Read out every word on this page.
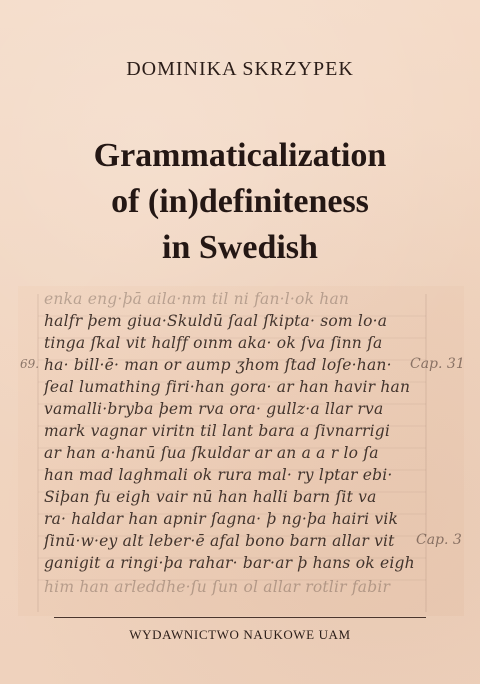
DOMINIKA SKRZYPEK
Grammaticalization
of (in)definiteness
in Swedish
enka eng·þā aila·nm til ni fan·l·ok han
halfr þem giua·Skuldū ſaal ſkipta· som lo·a
tinga ſkal vit halff oınm aka· ok ſva ſinn ſa
ha· bill·ē· man or aump ʒhom ſtad loſe·han·
ſeal lumathing firi·han gora· ar han havir han
vamalli·bryba þem rva ora· gullz·a llar rva
mark vagnar viritn til lant bara a ſivnarrigi
ar han a·hanū ſua ſkuldar ar an a a r lo ſa
han mad laghmali ok rura mal· ry lptar ebi·
Siþan fu eigh vair nū han halli barn ſit va
ra· haldar han apnir ſagna· þ ng·þa hairi vik
ſinū·w·ey alt leber·ē afal bono barn allar vit
ganigit a ringi·þa rahar· bar·ar þ hans ok eigh
him han arleddhe·ſu ſun ol allar rotlir fabir
69.	Cap. 31
Cap. 3
WYDAWNICTWO NAUKOWE UAM
